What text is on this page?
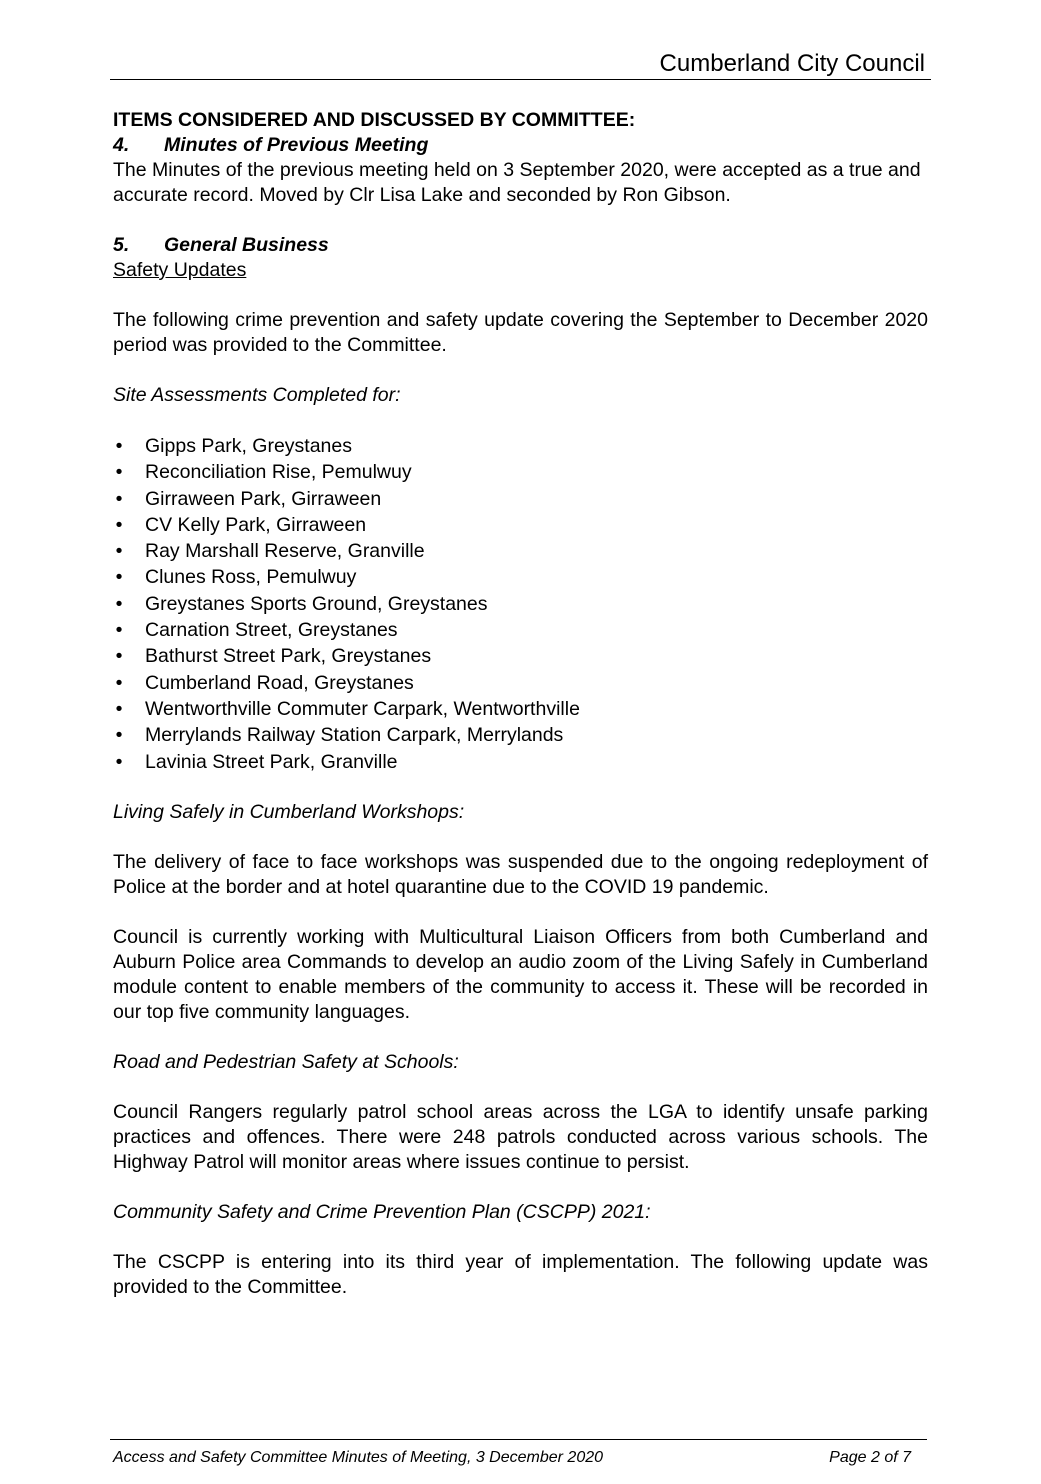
Cumberland City Council

ITEMS CONSIDERED AND DISCUSSED BY COMMITTEE:

4. Minutes of Previous Meeting

The Minutes of the previous meeting held on 3 September 2020, were accepted as a true and accurate record. Moved by Clr Lisa Lake and seconded by Ron Gibson.

5. General Business

Safety Updates

The following crime prevention and safety update covering the September to December 2020 period was provided to the Committee.

Site Assessments Completed for:

• Gipps Park, Greystanes
• Reconciliation Rise, Pemulwuy
• Girraween Park, Girraween
• CV Kelly Park, Girraween
• Ray Marshall Reserve, Granville
• Clunes Ross, Pemulwuy
• Greystanes Sports Ground, Greystanes
• Carnation Street, Greystanes
• Bathurst Street Park, Greystanes
• Cumberland Road, Greystanes
• Wentworthville Commuter Carpark, Wentworthville
• Merrylands Railway Station Carpark, Merrylands
• Lavinia Street Park, Granville

Living Safely in Cumberland Workshops:

The delivery of face to face workshops was suspended due to the ongoing redeployment of Police at the border and at hotel quarantine due to the COVID 19 pandemic.

Council is currently working with Multicultural Liaison Officers from both Cumberland and Auburn Police area Commands to develop an audio zoom of the Living Safely in Cumberland module content to enable members of the community to access it. These will be recorded in our top five community languages.

Road and Pedestrian Safety at Schools:

Council Rangers regularly patrol school areas across the LGA to identify unsafe parking practices and offences. There were 248 patrols conducted across various schools. The Highway Patrol will monitor areas where issues continue to persist.

Community Safety and Crime Prevention Plan (CSCPP) 2021:

The CSCPP is entering into its third year of implementation. The following update was provided to the Committee.

Access and Safety Committee Minutes of Meeting, 3 December 2020	Page 2 of 7
